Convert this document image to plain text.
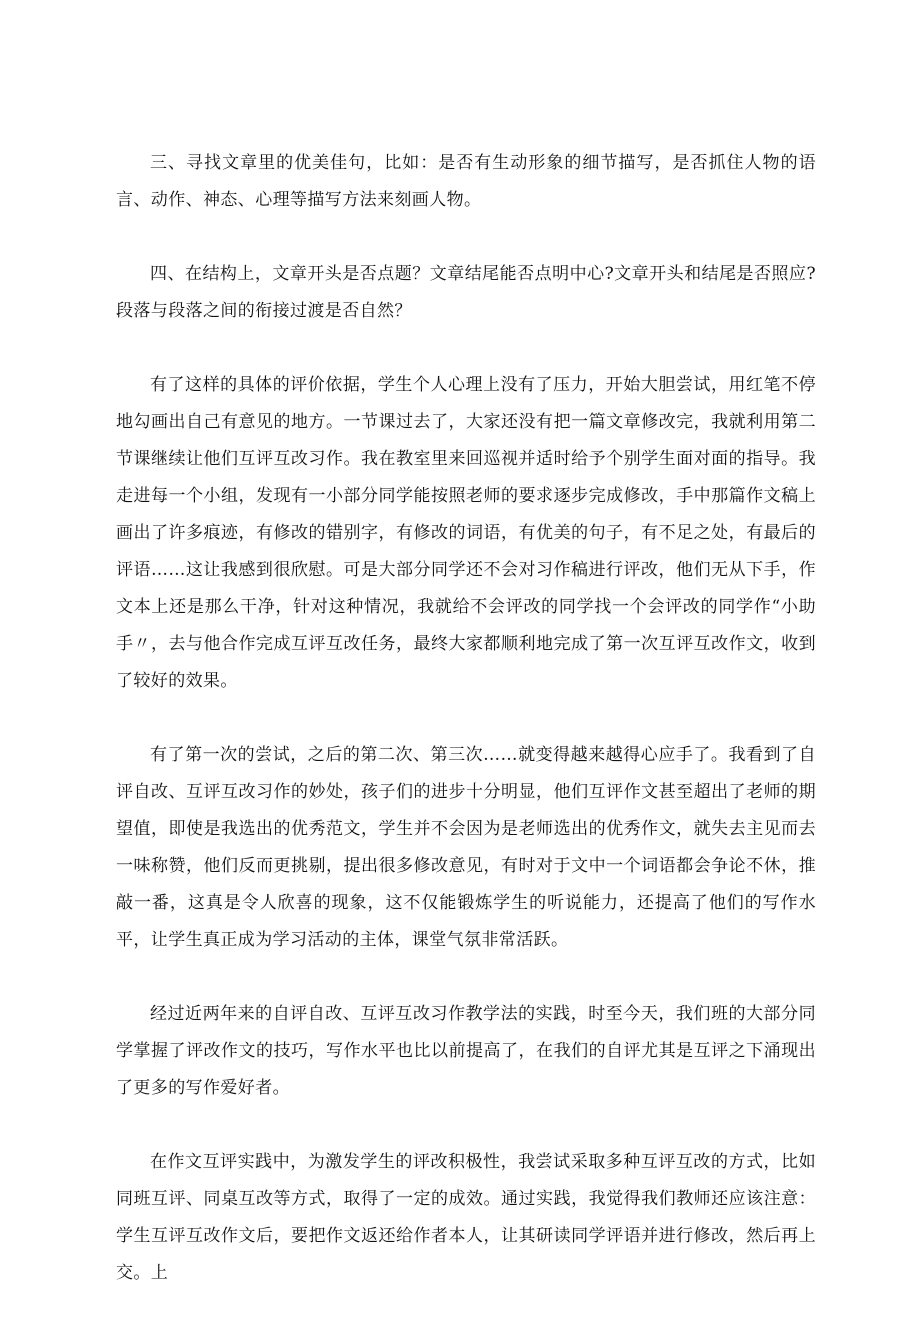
三、寻找文章里的优美佳句，比如：是否有生动形象的细节描写，是否抓住人物的语言、动作、神态、心理等描写方法来刻画人物。

四、在结构上，文章开头是否点题？文章结尾能否点明中心?文章开头和结尾是否照应?段落与段落之间的衔接过渡是否自然？

有了这样的具体的评价依据，学生个人心理上没有了压力，开始大胆尝试，用红笔不停地勾画出自己有意见的地方。一节课过去了，大家还没有把一篇文章修改完，我就利用第二节课继续让他们互评互改习作。我在教室里来回巡视并适时给予个别学生面对面的指导。我走进每一个小组，发现有一小部分同学能按照老师的要求逐步完成修改，手中那篇作文稿上画出了许多痕迹，有修改的错别字，有修改的词语，有优美的句子，有不足之处，有最后的评语……这让我感到很欣慰。可是大部分同学还不会对习作稿进行评改，他们无从下手，作文本上还是那么干净，针对这种情况，我就给不会评改的同学找一个会评改的同学作“小助手〃，去与他合作完成互评互改任务，最终大家都顺利地完成了第一次互评互改作文，收到了较好的效果。

有了第一次的尝试，之后的第二次、第三次……就变得越来越得心应手了。我看到了自评自改、互评互改习作的妙处，孩子们的进步十分明显，他们互评作文甚至超出了老师的期望值，即使是我选出的优秀范文，学生并不会因为是老师选出的优秀作文，就失去主见而去一味称赞，他们反而更挑剔，提出很多修改意见，有时对于文中一个词语都会争论不休，推敲一番，这真是令人欣喜的现象，这不仅能锻炼学生的听说能力，还提高了他们的写作水平，让学生真正成为学习活动的主体，课堂气氛非常活跃。

经过近两年来的自评自改、互评互改习作教学法的实践，时至今天，我们班的大部分同学掌握了评改作文的技巧，写作水平也比以前提高了，在我们的自评尤其是互评之下涌现出了更多的写作爱好者。

在作文互评实践中，为激发学生的评改积极性，我尝试采取多种互评互改的方式，比如同班互评、同桌互改等方式，取得了一定的成效。通过实践，我觉得我们教师还应该注意：学生互评互改作文后，要把作文返还给作者本人，让其研读同学评语并进行修改，然后再上交。上
